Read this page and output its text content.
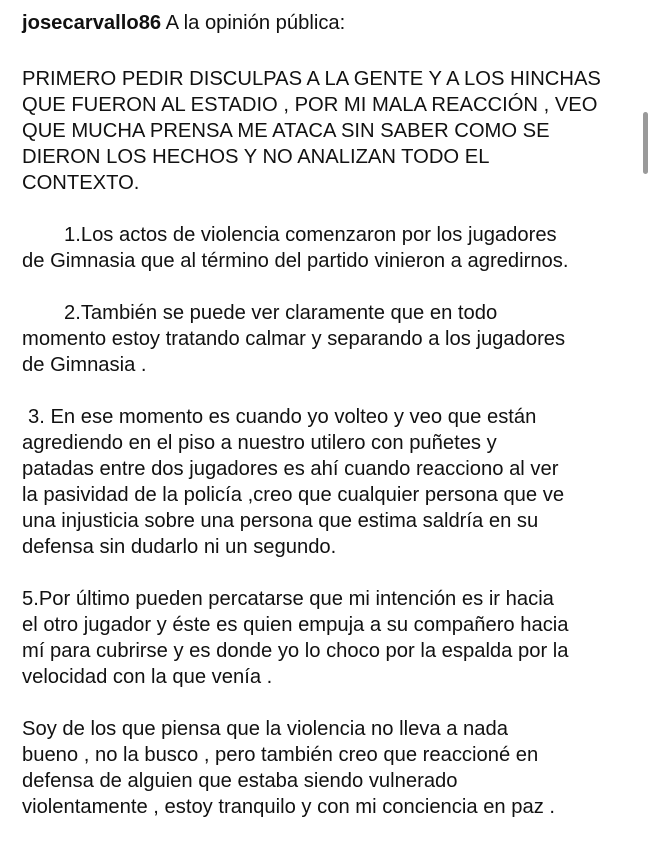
josecarvallo86 A la opinión pública:
PRIMERO PEDIR DISCULPAS A LA GENTE Y A LOS HINCHAS
QUE FUERON AL ESTADIO , POR MI MALA REACCIÓN , VEO
QUE MUCHA PRENSA ME ATACA SIN SABER COMO SE
DIERON LOS HECHOS Y NO ANALIZAN TODO EL
CONTEXTO.
1.Los actos de violencia comenzaron por los jugadores
de Gimnasia que al término del partido vinieron a agredirnos.
2.También se puede ver claramente que en todo
momento estoy tratando calmar y separando a los jugadores
de Gimnasia .
3. En ese momento es cuando yo volteo y veo que están
agrediendo en el piso a nuestro utilero con puñetes y
patadas entre dos jugadores es ahí cuando reacciono al ver
la pasividad de la policía ,creo que cualquier persona que ve
una injusticia sobre una persona que estima saldría en su
defensa sin dudarlo ni un segundo.
5.Por último pueden percatarse que mi intención es ir hacia
el otro jugador y éste es quien empuja a su compañero hacia
mí para cubrirse y es donde yo lo choco por la espalda por la
velocidad con la que venía .
Soy de los que piensa que la violencia no lleva a nada
bueno , no la busco , pero también creo que reaccioné en
defensa de alguien que estaba siendo vulnerado
violentamente , estoy tranquilo y con mi conciencia en paz .
